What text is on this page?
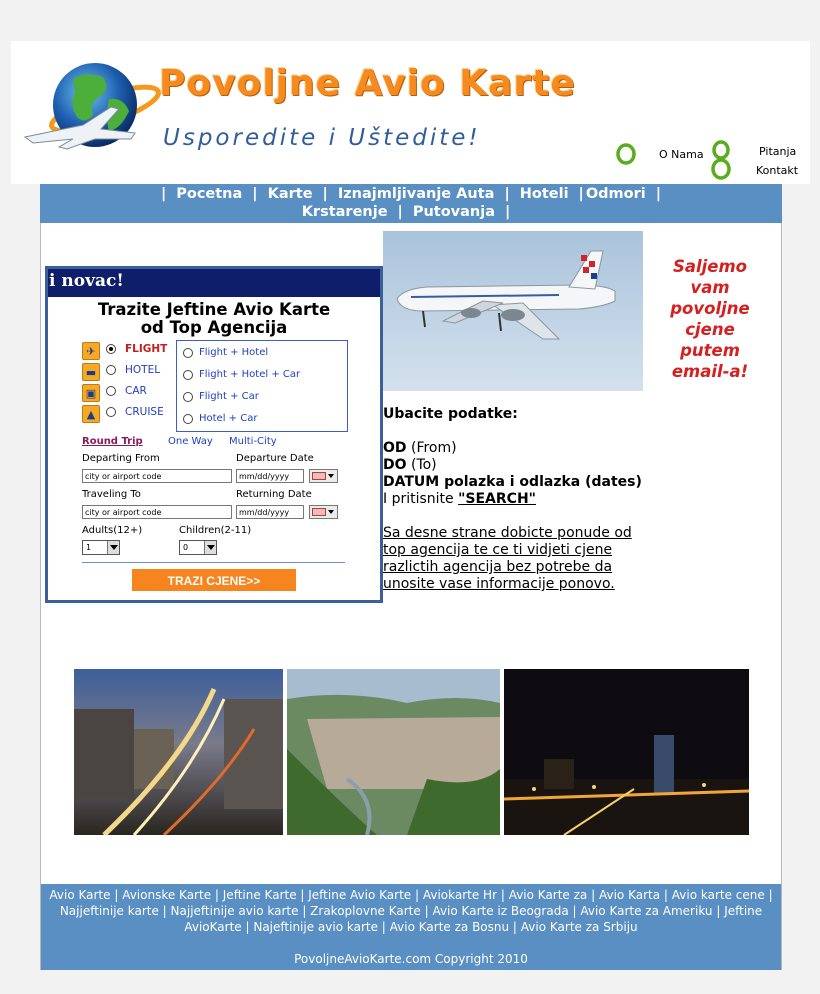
Povoljne Avio Karte
Usporedite i Uštedite!
O Nama	Pitanja
Kontakt
| Pocetna | Karte | Iznajmljivanje Auta | Hoteli | Odmori |
Krstarenje | Putovanja |
i novac!
Trazite Jeftine Avio Karte
od Top Agencija
✈	FLIGHT
▬	HOTEL
▣	CAR
▲	CRUISE
Flight + Hotel
Flight + Hotel + Car
Flight + Car
Hotel + Car
Round Trip	One Way Multi-City
Departing From
city or airport code
Departure Date
mm/dd/yyyy
Traveling To
city or airport code
Returning Date
mm/dd/yyyy
Adults(12+)
1
Children(2-11)
0
TRAZI CJENE>>
Saljemo
vam
povoljne
cjene putem
email-a!
Ubacite podatke:
OD (From)
DO (To)
DATUM polazka i odlazka (dates)
I pritisnite "SEARCH"
Sa desne strane dobicte ponude od top agencija te ce ti vidjeti cjene razlictih agencija bez potrebe da unosite vase informacije ponovo.
Avio Karte | Avionske Karte | Jeftine Karte | Jeftine Avio Karte | Aviokarte Hr | Avio Karte za | Avio Karta | Avio karte cene | Najjeftinije karte | Najjeftinije avio karte | Zrakoplovne Karte | Avio Karte iz Beograda | Avio Karte za Ameriku | Jeftine AvioKarte | Najeftinije avio karte | Avio Karte za Bosnu | Avio Karte za Srbiju
PovoljneAvioKarte.com Copyright 2010
